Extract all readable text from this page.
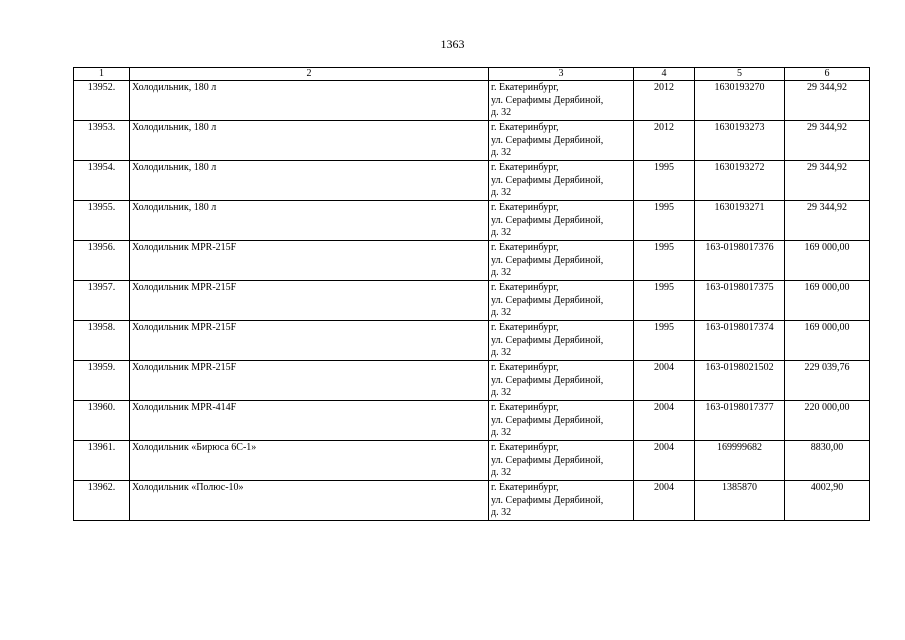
1363
1	2	3	4	5	6
13952.	Холодильник, 180 л	г. Екатеринбург,
ул. Серафимы Дерябиной,
д. 32	2012	1630193270	29 344,92
13953.	Холодильник, 180 л	г. Екатеринбург,
ул. Серафимы Дерябиной,
д. 32	2012	1630193273	29 344,92
13954.	Холодильник, 180 л	г. Екатеринбург,
ул. Серафимы Дерябиной,
д. 32	1995	1630193272	29 344,92
13955.	Холодильник, 180 л	г. Екатеринбург,
ул. Серафимы Дерябиной,
д. 32	1995	1630193271	29 344,92
13956.	Холодильник MPR-215F	г. Екатеринбург,
ул. Серафимы Дерябиной,
д. 32	1995	163-0198017376	169 000,00
13957.	Холодильник MPR-215F	г. Екатеринбург,
ул. Серафимы Дерябиной,
д. 32	1995	163-0198017375	169 000,00
13958.	Холодильник MPR-215F	г. Екатеринбург,
ул. Серафимы Дерябиной,
д. 32	1995	163-0198017374	169 000,00
13959.	Холодильник MPR-215F	г. Екатеринбург,
ул. Серафимы Дерябиной,
д. 32	2004	163-0198021502	229 039,76
13960.	Холодильник MPR-414F	г. Екатеринбург,
ул. Серафимы Дерябиной,
д. 32	2004	163-0198017377	220 000,00
13961.	Холодильник «Бирюса 6С-1»	г. Екатеринбург,
ул. Серафимы Дерябиной,
д. 32	2004	169999682	8830,00
13962.	Холодильник «Полюс-10»	г. Екатеринбург,
ул. Серафимы Дерябиной,
д. 32	2004	1385870	4002,90
